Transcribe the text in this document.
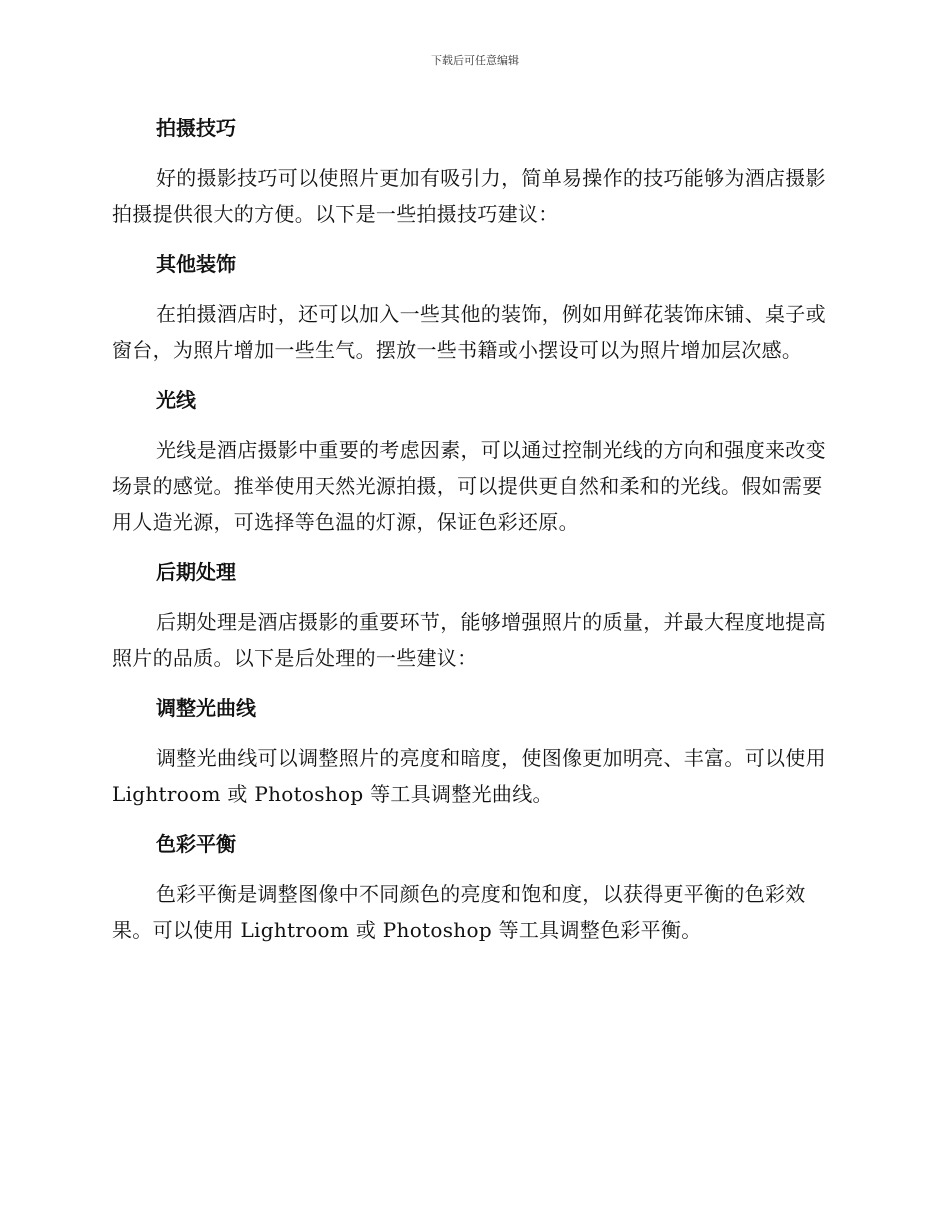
下载后可任意编辑
拍摄技巧

好的摄影技巧可以使照片更加有吸引力，简单易操作的技巧能够为酒店摄影拍摄提供很大的方便。以下是一些拍摄技巧建议：

其他装饰

在拍摄酒店时，还可以加入一些其他的装饰，例如用鲜花装饰床铺、桌子或窗台，为照片增加一些生气。摆放一些书籍或小摆设可以为照片增加层次感。

光线

光线是酒店摄影中重要的考虑因素，可以通过控制光线的方向和强度来改变场景的感觉。推举使用天然光源拍摄，可以提供更自然和柔和的光线。假如需要用人造光源，可选择等色温的灯源，保证色彩还原。

后期处理

后期处理是酒店摄影的重要环节，能够增强照片的质量，并最大程度地提高照片的品质。以下是后处理的一些建议：

调整光曲线

调整光曲线可以调整照片的亮度和暗度，使图像更加明亮、丰富。可以使用 Lightroom 或 Photoshop 等工具调整光曲线。

色彩平衡

色彩平衡是调整图像中不同颜色的亮度和饱和度，以获得更平衡的色彩效果。可以使用 Lightroom 或 Photoshop 等工具调整色彩平衡。
